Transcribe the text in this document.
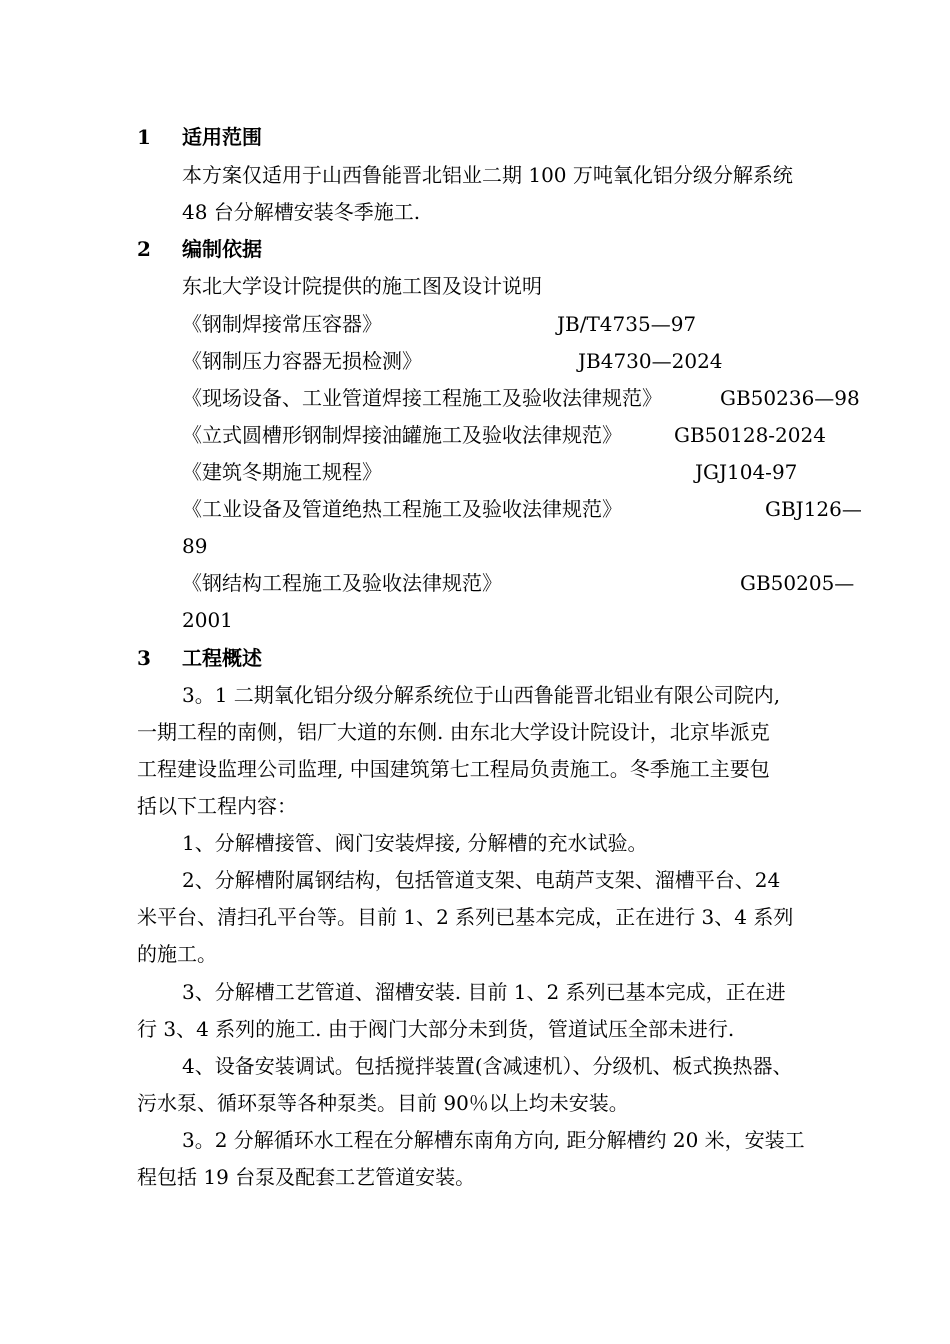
1 适用范围
本方案仅适用于山西鲁能晋北铝业二期 100 万吨氧化铝分级分解系统
48 台分解槽安装冬季施工.
2 编制依据
东北大学设计院提供的施工图及设计说明
《钢制焊接常压容器》	JB/T4735—97
《钢制压力容器无损检测》	JB4730—2024
《现场设备、工业管道焊接工程施工及验收法律规范》	GB50236—98
《立式圆槽形钢制焊接油罐施工及验收法律规范》	GB50128-2024
《建筑冬期施工规程》	JGJ104-97
《工业设备及管道绝热工程施工及验收法律规范》	GBJ126—
89
《钢结构工程施工及验收法律规范》	GB50205—
2001
3 工程概述
3。1 二期氧化铝分级分解系统位于山西鲁能晋北铝业有限公司院内,
一期工程的南侧，铝厂大道的东侧. 由东北大学设计院设计，北京毕派克
工程建设监理公司监理, 中国建筑第七工程局负责施工。冬季施工主要包
括以下工程内容：
1、分解槽接管、阀门安装焊接, 分解槽的充水试验。
2、分解槽附属钢结构，包括管道支架、电葫芦支架、溜槽平台、24
米平台、清扫孔平台等。目前 1、2 系列已基本完成，正在进行 3、4 系列
的施工。
3、分解槽工艺管道、溜槽安装. 目前 1、2 系列已基本完成，正在进
行 3、4 系列的施工. 由于阀门大部分未到货，管道试压全部未进行.
4、设备安装调试。包括搅拌装置(含减速机）、分级机、板式换热器、
污水泵、循环泵等各种泵类。目前 90％以上均未安装。
3。2 分解循环水工程在分解槽东南角方向, 距分解槽约 20 米，安装工
程包括 19 台泵及配套工艺管道安装。
